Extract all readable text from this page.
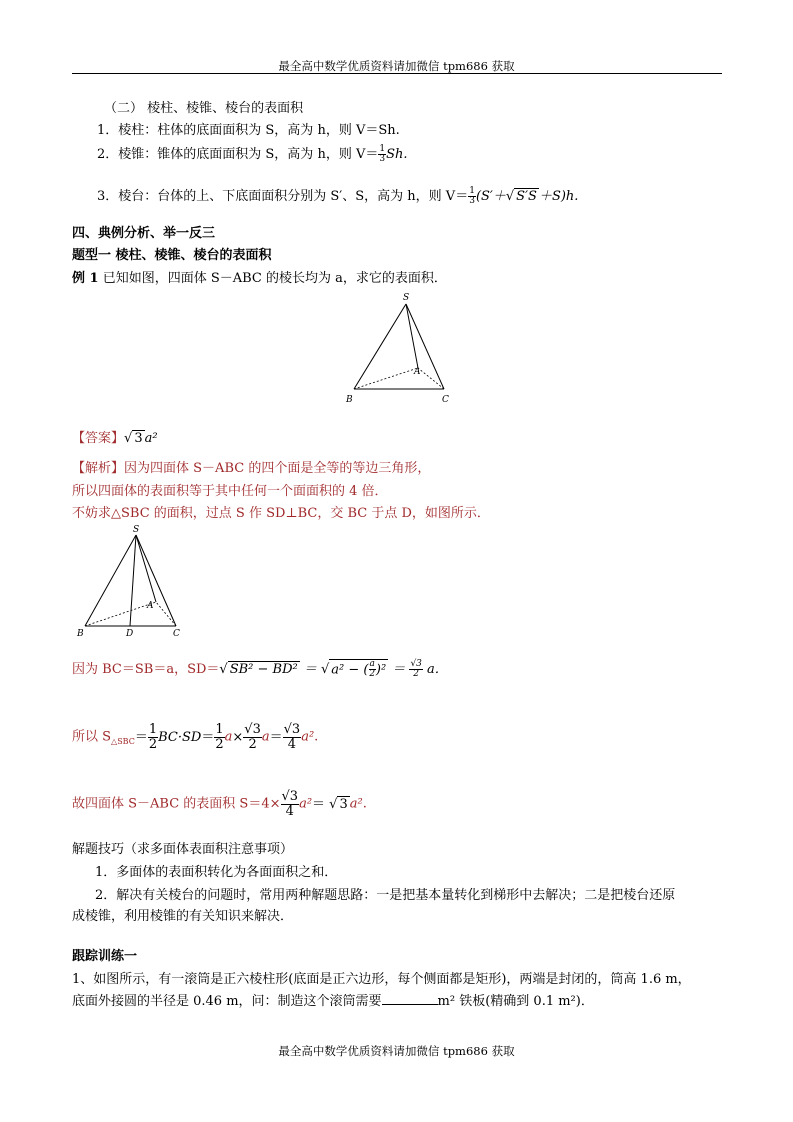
最全高中数学优质资料请加微信 tpm686 获取
（二） 棱柱、棱锥、棱台的表面积
1．棱柱：柱体的底面面积为 S，高为 h，则 V＝Sh.
2．棱锥：锥体的底面面积为 S，高为 h，则 $V= \frac{1}{3} Sh$.
3．棱台：台体的上、下底面面积分别为 S′、S，高为 h，则 $V= \frac{1}{3} (S'+√$ S′S ＋S)h.
四、典例分析、举一反三
题型一 棱柱、棱锥、棱台的表面积
例 1 已知如图，四面体 S－ABC 的棱长均为 a，求它的表面积．
S
A
B	C
【答案】√ 3 a²
【解析】因为四面体 S－ABC 的四个面是全等的等边三角形，
所以四面体的表面积等于其中任何一个面面积的 4 倍．
不妨求△SBC 的面积，过点 S 作 SD⊥BC，交 BC 于点 D，如图所示．
S
A
B	D	C
因为 BC＝SB＝a，SD＝√ SB² − BD² ＝ √ a² − ( $\frac{a}{2} )^2 = \frac{√3}{2}$ a．
所以 $S_{\triangle SBC}= \frac{1}{2} BC\cdot SD= \frac{1}{2} a\times \frac{√3}{2} a= \frac{√3}{4} a^2$.
故四面体 S－ABC 的表面积 $S=4\times \frac{√3}{4} a^2=$ √ 3 a².
解题技巧（求多面体表面积注意事项）
1．多面体的表面积转化为各面面积之和．
2．解决有关棱台的问题时，常用两种解题思路：一是把基本量转化到梯形中去解决；二是把棱台还原
成棱锥，利用棱锥的有关知识来解决．
跟踪训练一
1、如图所示，有一滚筒是正六棱柱形(底面是正六边形，每个侧面都是矩形)，两端是封闭的，筒高 1.6 m，
底面外接圆的半径是 0.46 m，问：制造这个滚筒需要	m² 铁板(精确到 0.1 m²)．
最全高中数学优质资料请加微信 tpm686 获取
